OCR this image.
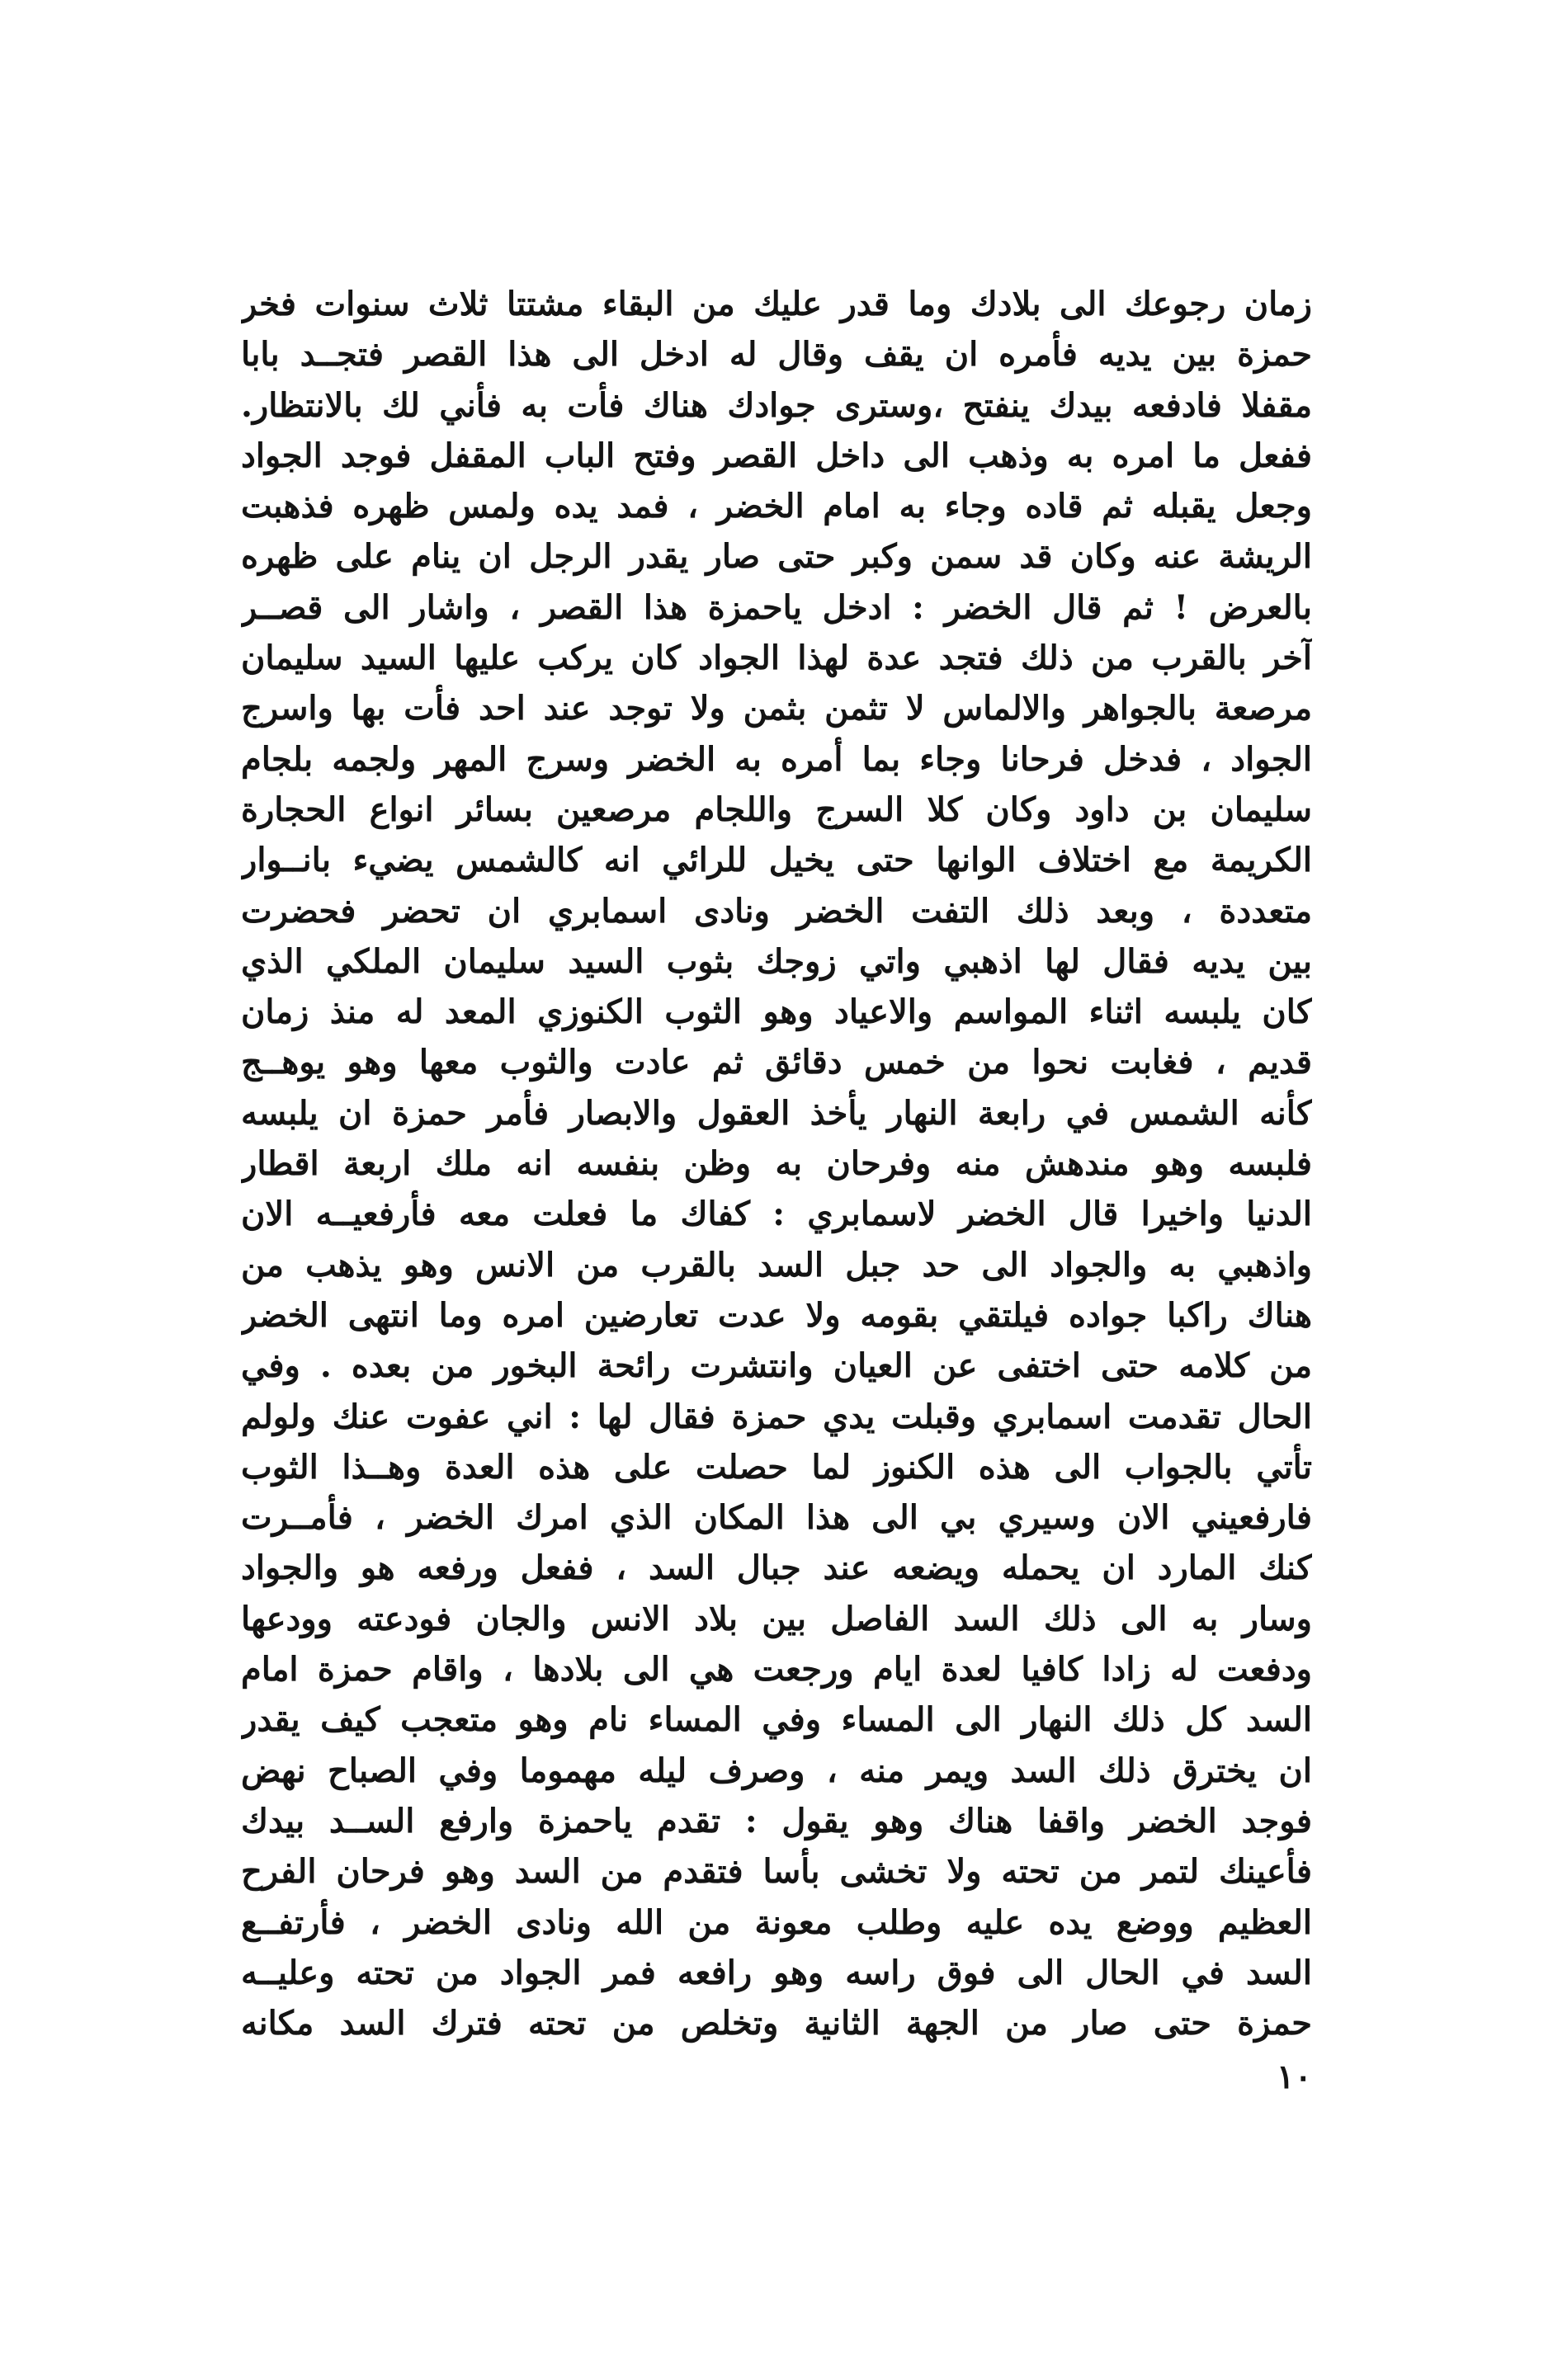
زمان رجوعك الى بلادك وما قدر عليك من البقاء مشتتا ثلاث سنوات فخر
حمزة بين يديه فأمره ان يقف وقال له ادخل الى هذا القصر فتجــد بابا
مقفلا فادفعه بيدك ينفتح ،وسترى جوادك هناك فأت به فأني لك بالانتظار.
ففعل ما امره به وذهب الى داخل القصر وفتح الباب المقفل فوجد الجواد
وجعل يقبله ثم قاده وجاء به امام الخضر ، فمد يده ولمس ظهره فذهبت
الريشة عنه وكان قد سمن وكبر حتى صار يقدر الرجل ان ينام على ظهره
بالعرض ! ثم قال الخضر : ادخل ياحمزة هذا القصر ، واشار الى قصــر
آخر بالقرب من ذلك فتجد عدة لهذا الجواد كان يركب عليها السيد سليمان
مرصعة بالجواهر والالماس لا تثمن بثمن ولا توجد عند احد فأت بها واسرج
الجواد ، فدخل فرحانا وجاء بما أمره به الخضر وسرج المهر ولجمه بلجام
سليمان بن داود وكان كلا السرج واللجام مرصعين بسائر انواع الحجارة
الكريمة مع اختلاف الوانها حتى يخيل للرائي انه كالشمس يضيء بانــوار
متعددة ، وبعد ذلك التفت الخضر ونادى اسمابري ان تحضر فحضرت
بين يديه فقال لها اذهبي واتي زوجك بثوب السيد سليمان الملكي الذي
كان يلبسه اثناء المواسم والاعياد وهو الثوب الكنوزي المعد له منذ زمان
قديم ، فغابت نحوا من خمس دقائق ثم عادت والثوب معها وهو يوهــج
كأنه الشمس في رابعة النهار يأخذ العقول والابصار فأمر حمزة ان يلبسه
فلبسه وهو مندهش منه وفرحان به وظن بنفسه انه ملك اربعة اقطار
الدنيا واخيرا قال الخضر لاسمابري : كفاك ما فعلت معه فأرفعيــه الان
واذهبي به والجواد الى حد جبل السد بالقرب من الانس وهو يذهب من
هناك راكبا جواده فيلتقي بقومه ولا عدت تعارضين امره وما انتهى الخضر
من كلامه حتى اختفى عن العيان وانتشرت رائحة البخور من بعده . وفي
الحال تقدمت اسمابري وقبلت يدي حمزة فقال لها : اني عفوت عنك ولولم
تأتي بالجواب الى هذه الكنوز لما حصلت على هذه العدة وهــذا الثوب
فارفعيني الان وسيري بي الى هذا المكان الذي امرك الخضر ، فأمــرت
كنك المارد ان يحمله ويضعه عند جبال السد ، ففعل ورفعه هو والجواد
وسار به الى ذلك السد الفاصل بين بلاد الانس والجان فودعته وودعها
ودفعت له زادا كافيا لعدة ايام ورجعت هي الى بلادها ، واقام حمزة امام
السد كل ذلك النهار الى المساء وفي المساء نام وهو متعجب كيف يقدر
ان يخترق ذلك السد ويمر منه ، وصرف ليله مهموما وفي الصباح نهض
فوجد الخضر واقفا هناك وهو يقول : تقدم ياحمزة وارفع الســد بيدك
فأعينك لتمر من تحته ولا تخشى بأسا فتقدم من السد وهو فرحان الفرح
العظيم ووضع يده عليه وطلب معونة من الله ونادى الخضر ، فأرتفــع
السد في الحال الى فوق راسه وهو رافعه فمر الجواد من تحته وعليــه
حمزة حتى صار من الجهة الثانية وتخلص من تحته فترك السد مكانه
١٠
